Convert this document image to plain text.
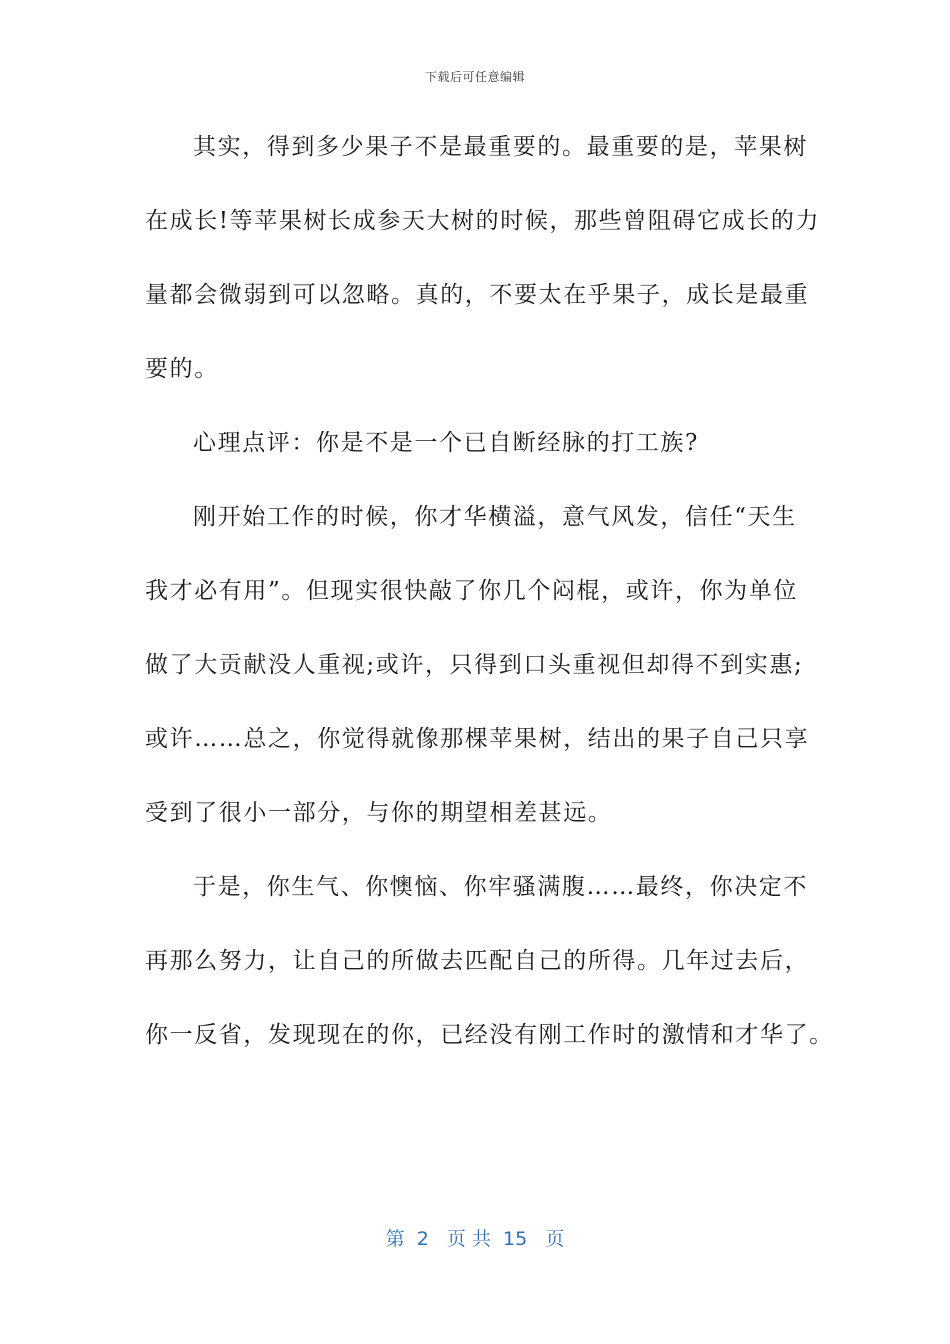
下载后可任意编辑
其实，得到多少果子不是最重要的。最重要的是，苹果树
在成长!等苹果树长成参天大树的时候，那些曾阻碍它成长的力
量都会微弱到可以忽略。真的，不要太在乎果子，成长是最重
要的。
心理点评：你是不是一个已自断经脉的打工族?
刚开始工作的时候，你才华横溢，意气风发，信任“天生
我才必有用”。但现实很快敲了你几个闷棍，或许，你为单位
做了大贡献没人重视;或许，只得到口头重视但却得不到实惠;
或许……总之，你觉得就像那棵苹果树，结出的果子自己只享
受到了很小一部分，与你的期望相差甚远。
于是，你生气、你懊恼、你牢骚满腹……最终，你决定不
再那么努力，让自己的所做去匹配自己的所得。几年过去后，
你一反省，发现现在的你，已经没有刚工作时的激情和才华了。
第  2   页 共  15   页
